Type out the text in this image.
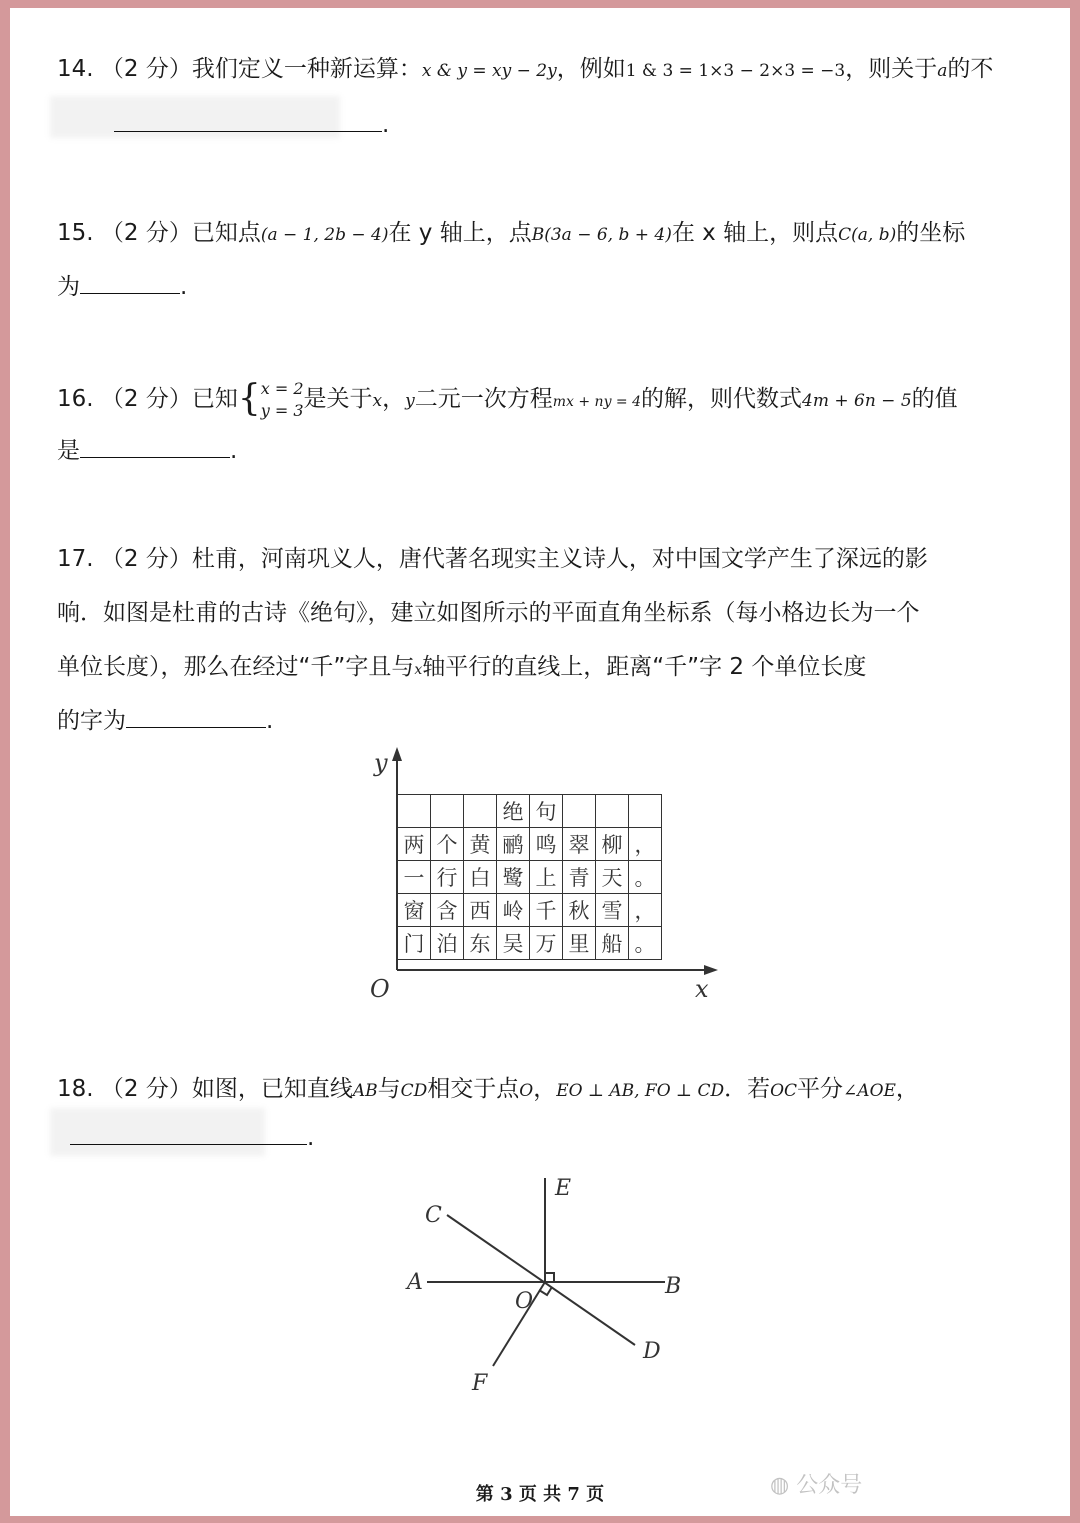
14. （2 分）我们定义一种新运算：x & y = xy − 2y，例如1 & 3 = 1×3 − 2×3 = −3，则关于a的不
.
15. （2 分）已知点(a − 1, 2b − 4)在 y 轴上，点B(3a − 6, b + 4)在 x 轴上，则点C(a, b)的坐标
为	.
16. （2 分）已知{x = 2
y = 3是关于x，y二元一次方程mx + ny = 4的解，则代数式4m + 6n − 5的值
是	.
17. （2 分）杜甫，河南巩义人，唐代著名现实主义诗人，对中国文学产生了深远的影
响．如图是杜甫的古诗《绝句》，建立如图所示的平面直角坐标系（每小格边长为一个
单位长度），那么在经过“千”字且与x轴平行的直线上，距离“千”字 2 个单位长度
的字为	.
y
x
O
			绝	句			
两	个	黄	鹂	鸣	翠	柳	，
一	行	白	鹭	上	青	天	。
窗	含	西	岭	千	秋	雪	，
门	泊	东	吴	万	里	船	。
18. （2 分）如图，已知直线AB与CD相交于点O，EO ⊥ AB, FO ⊥ CD．若OC平分∠AOE，
.
A	B
C
D
E
F
O
第 3 页 共 7 页	◍ 公众号
